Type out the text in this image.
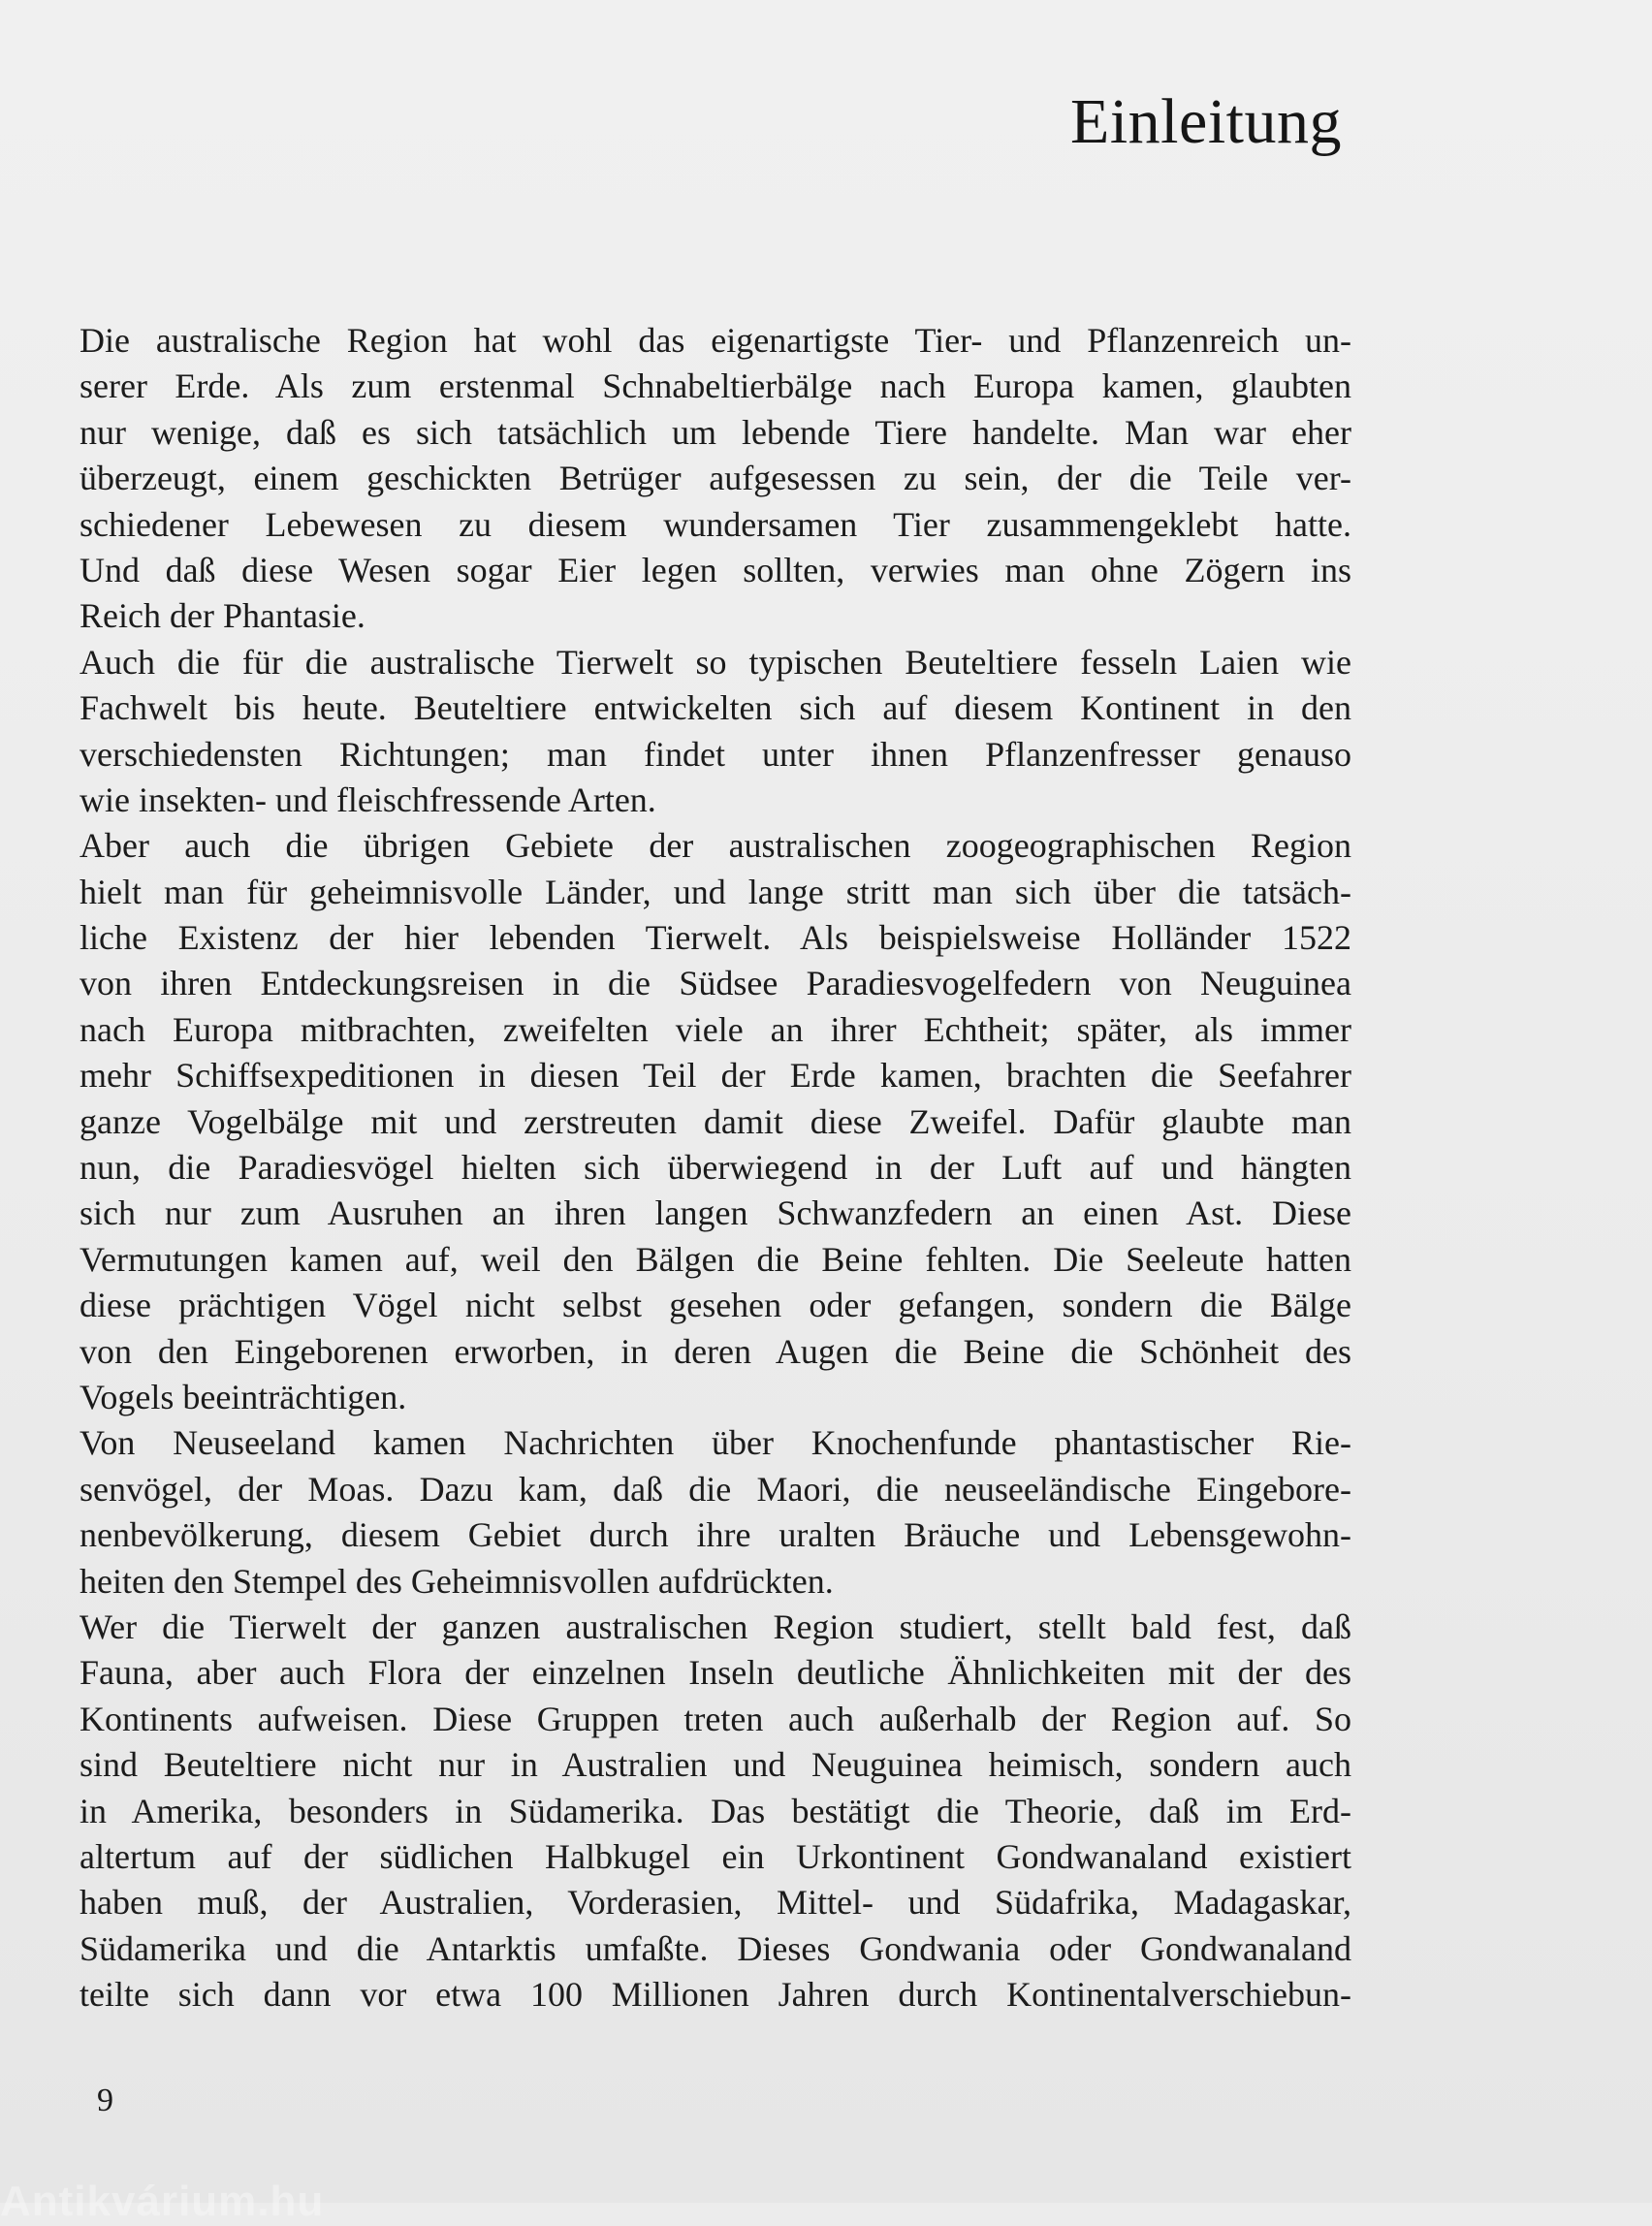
Einleitung
Die australische Region hat wohl das eigenartigste Tier- und Pflanzenreich un-
serer Erde. Als zum erstenmal Schnabeltierbälge nach Europa kamen, glaubten
nur wenige, daß es sich tatsächlich um lebende Tiere handelte. Man war eher
überzeugt, einem geschickten Betrüger aufgesessen zu sein, der die Teile ver-
schiedener Lebewesen zu diesem wundersamen Tier zusammengeklebt hatte.
Und daß diese Wesen sogar Eier legen sollten, verwies man ohne Zögern ins
Reich der Phantasie.
Auch die für die australische Tierwelt so typischen Beuteltiere fesseln Laien wie
Fachwelt bis heute. Beuteltiere entwickelten sich auf diesem Kontinent in den
verschiedensten Richtungen; man findet unter ihnen Pflanzenfresser genauso
wie insekten- und fleischfressende Arten.
Aber auch die übrigen Gebiete der australischen zoogeographischen Region
hielt man für geheimnisvolle Länder, und lange stritt man sich über die tatsäch-
liche Existenz der hier lebenden Tierwelt. Als beispielsweise Holländer 1522
von ihren Entdeckungsreisen in die Südsee Paradiesvogelfedern von Neuguinea
nach Europa mitbrachten, zweifelten viele an ihrer Echtheit; später, als immer
mehr Schiffsexpeditionen in diesen Teil der Erde kamen, brachten die Seefahrer
ganze Vogelbälge mit und zerstreuten damit diese Zweifel. Dafür glaubte man
nun, die Paradiesvögel hielten sich überwiegend in der Luft auf und hängten
sich nur zum Ausruhen an ihren langen Schwanzfedern an einen Ast. Diese
Vermutungen kamen auf, weil den Bälgen die Beine fehlten. Die Seeleute hatten
diese prächtigen Vögel nicht selbst gesehen oder gefangen, sondern die Bälge
von den Eingeborenen erworben, in deren Augen die Beine die Schönheit des
Vogels beeinträchtigen.
Von Neuseeland kamen Nachrichten über Knochenfunde phantastischer Rie-
senvögel, der Moas. Dazu kam, daß die Maori, die neuseeländische Eingebore-
nenbevölkerung, diesem Gebiet durch ihre uralten Bräuche und Lebensgewohn-
heiten den Stempel des Geheimnisvollen aufdrückten.
Wer die Tierwelt der ganzen australischen Region studiert, stellt bald fest, daß
Fauna, aber auch Flora der einzelnen Inseln deutliche Ähnlichkeiten mit der des
Kontinents aufweisen. Diese Gruppen treten auch außerhalb der Region auf. So
sind Beuteltiere nicht nur in Australien und Neuguinea heimisch, sondern auch
in Amerika, besonders in Südamerika. Das bestätigt die Theorie, daß im Erd-
altertum auf der südlichen Halbkugel ein Urkontinent Gondwanaland existiert
haben muß, der Australien, Vorderasien, Mittel- und Südafrika, Madagaskar,
Südamerika und die Antarktis umfaßte. Dieses Gondwania oder Gondwanaland
teilte sich dann vor etwa 100 Millionen Jahren durch Kontinentalverschiebun-
9
Antikvárium.hu
